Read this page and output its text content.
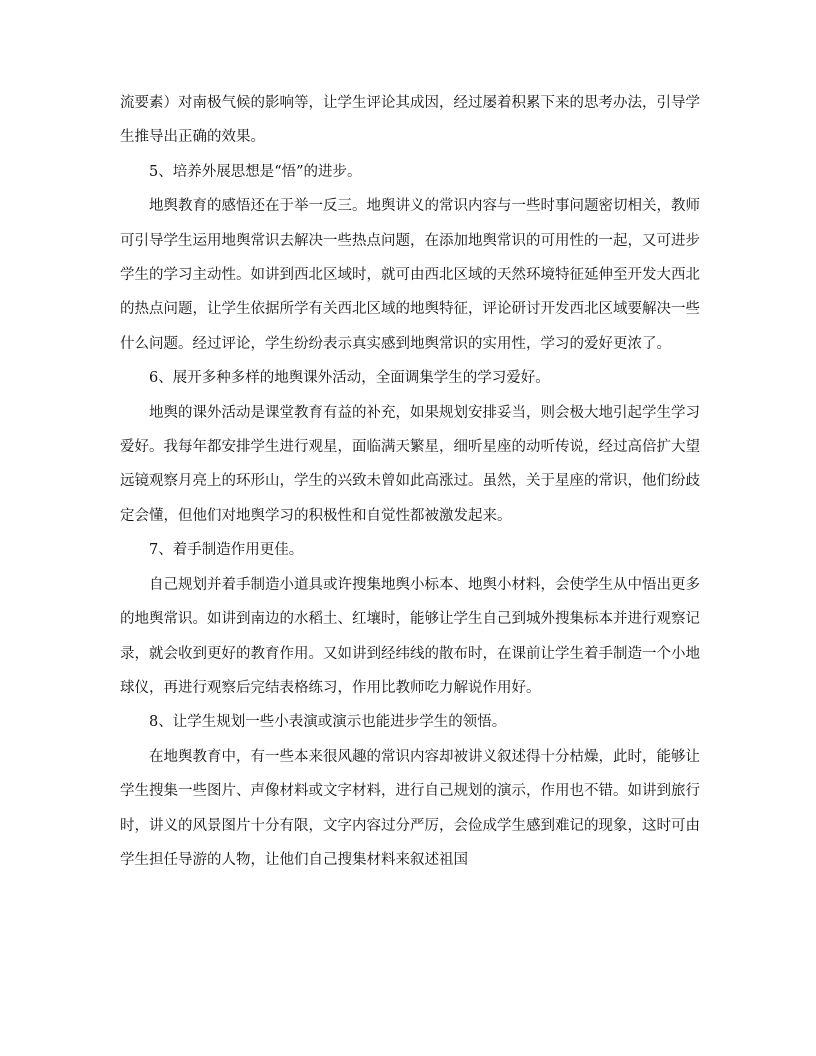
流要素）对南极气候的影响等，让学生评论其成因，经过屡着积累下来的思考办法，引导学生推导出正确的效果。

5、培养外展思想是“悟”的进步。

地舆教育的感悟还在于举一反三。地舆讲义的常识内容与一些时事问题密切相关，教师可引导学生运用地舆常识去解决一些热点问题，在添加地舆常识的可用性的一起，又可进步学生的学习主动性。如讲到西北区域时，就可由西北区域的天然环境特征延伸至开发大西北的热点问题，让学生依据所学有关西北区域的地舆特征，评论研讨开发西北区域要解决一些什么问题。经过评论，学生纷纷表示真实感到地舆常识的实用性，学习的爱好更浓了。

6、展开多种多样的地舆课外活动，全面调集学生的学习爱好。

地舆的课外活动是课堂教育有益的补充，如果规划安排妥当，则会极大地引起学生学习爱好。我每年都安排学生进行观星，面临满天繁星，细听星座的动听传说，经过高倍扩大望远镜观察月亮上的环形山，学生的兴致未曾如此高涨过。虽然，关于星座的常识，他们纷歧定会懂，但他们对地舆学习的积极性和自觉性都被激发起来。

7、着手制造作用更佳。

自己规划并着手制造小道具或许搜集地舆小标本、地舆小材料，会使学生从中悟出更多的地舆常识。如讲到南边的水稻土、红壤时，能够让学生自己到城外搜集标本并进行观察记录，就会收到更好的教育作用。又如讲到经纬线的散布时，在课前让学生着手制造一个小地球仪，再进行观察后完结表格练习，作用比教师吃力解说作用好。

8、让学生规划一些小表演或演示也能进步学生的领悟。

在地舆教育中，有一些本来很风趣的常识内容却被讲义叙述得十分枯燥，此时，能够让学生搜集一些图片、声像材料或文字材料，进行自己规划的演示，作用也不错。如讲到旅行时，讲义的风景图片十分有限，文字内容过分严厉，会俭成学生感到难记的现象，这时可由学生担任导游的人物，让他们自己搜集材料来叙述祖国
